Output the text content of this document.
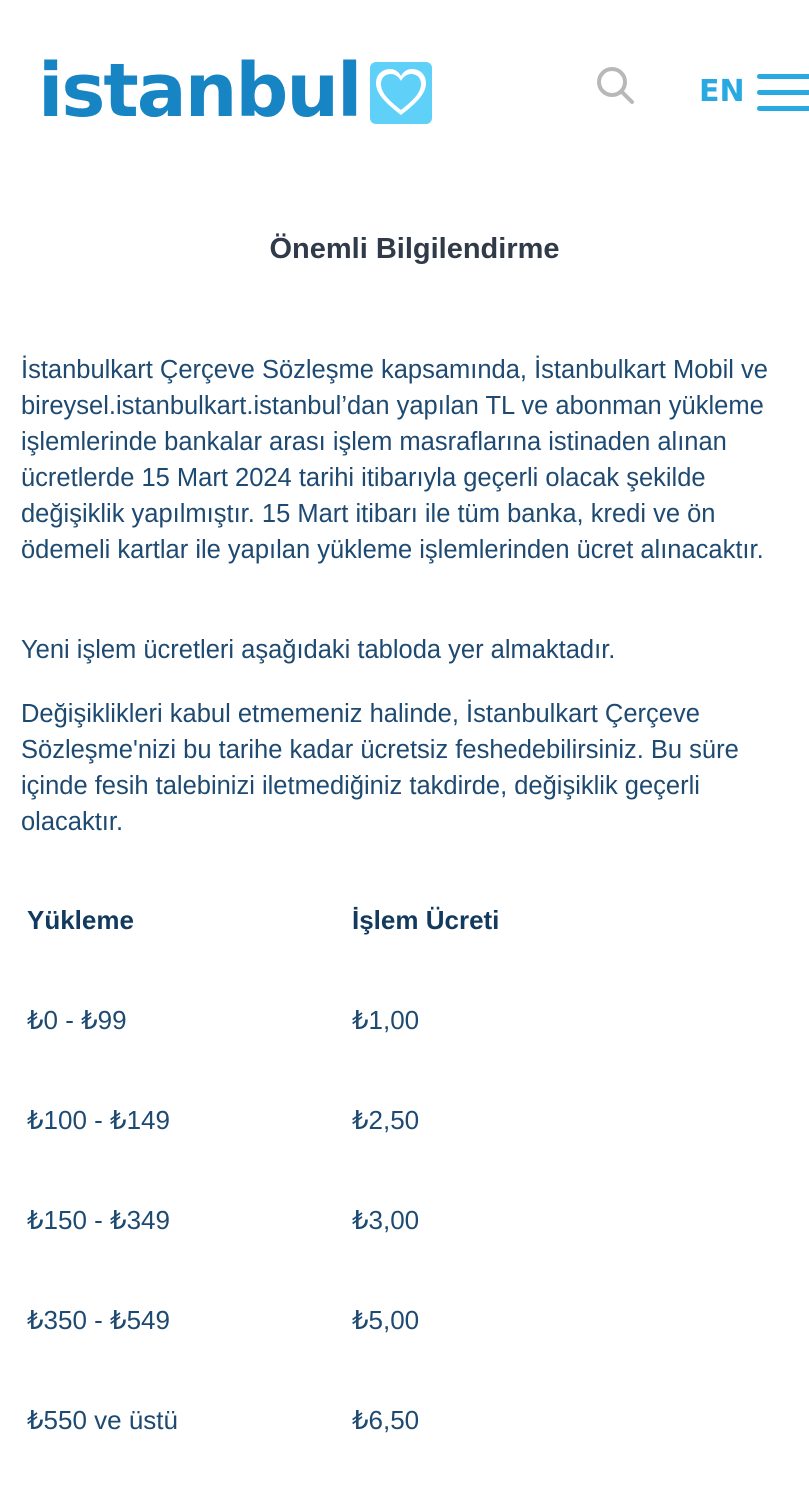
istanbul	EN
Önemli Bilgilendirme

İstanbulkart Çerçeve Sözleşme kapsamında, İstanbulkart Mobil ve bireysel.istanbulkart.istanbul’dan yapılan TL ve abonman yükleme işlemlerinde bankalar arası işlem masraflarına istinaden alınan ücretlerde 15 Mart 2024 tarihi itibarıyla geçerli olacak şekilde değişiklik yapılmıştır. 15 Mart itibarı ile tüm banka, kredi ve ön ödemeli kartlar ile yapılan yükleme işlemlerinden ücret alınacaktır.

Yeni işlem ücretleri aşağıdaki tabloda yer almaktadır.

Değişiklikleri kabul etmemeniz halinde, İstanbulkart Çerçeve Sözleşme'nizi bu tarihe kadar ücretsiz feshedebilirsiniz. Bu süre içinde fesih talebinizi iletmediğiniz takdirde, değişiklik geçerli olacaktır.

Yükleme	İşlem Ücreti
₺0 - ₺99	₺1,00
₺100 - ₺149	₺2,50
₺150 - ₺349	₺3,00
₺350 - ₺549	₺5,00
₺550 ve üstü	₺6,50
